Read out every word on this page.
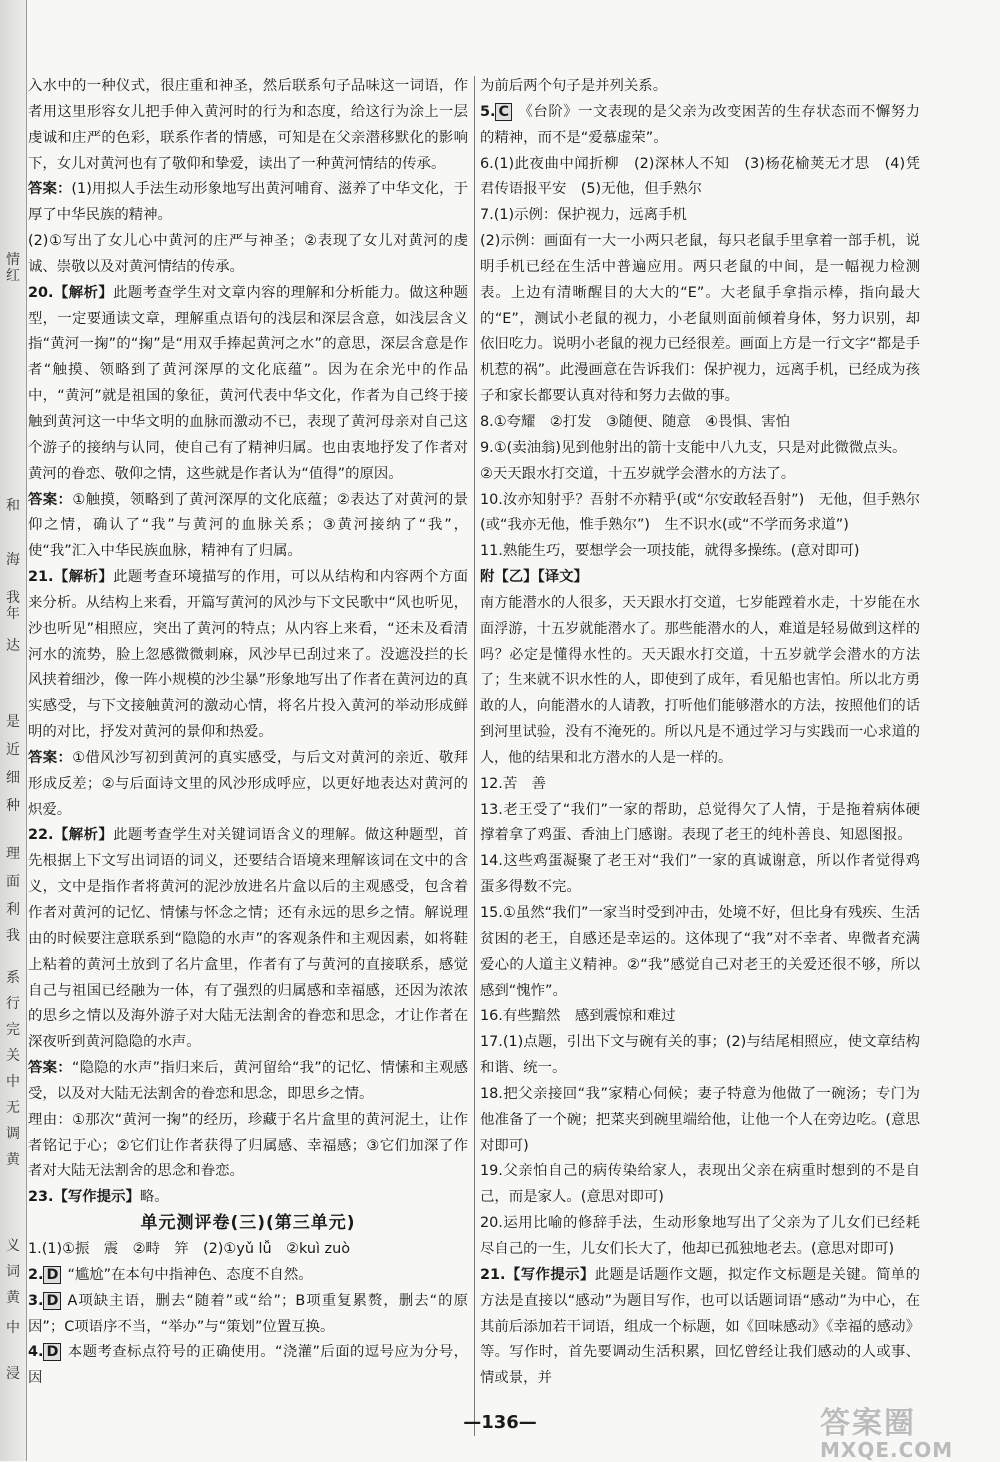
情
红
和
海
我
年
达
是
近
细
种
理
面
利
我
系
行
完
关
中
无
调
黄
义
词
黄
中
浸

入水中的一种仪式，很庄重和神圣，然后联系句子品味这一词语，作者用这里形容女儿把手伸入黄河时的行为和态度，给这行为涂上一层虔诚和庄严的色彩，联系作者的情感，可知是在父亲潜移默化的影响下，女儿对黄河也有了敬仰和挚爱，读出了一种黄河情结的传承。

答案：(1)用拟人手法生动形象地写出黄河哺育、滋养了中华文化，于厚了中华民族的精神。

(2)①写出了女儿心中黄河的庄严与神圣；②表现了女儿对黄河的虔诚、崇敬以及对黄河情结的传承。

20.【解析】此题考查学生对文章内容的理解和分析能力。做这种题型，一定要通读文章，理解重点语句的浅层和深层含意，如浅层含义指“黄河一掬”的“掬”是“用双手捧起黄河之水”的意思，深层含意是作者“触摸、领略到了黄河深厚的文化底蕴”。因为在余光中的作品中，“黄河”就是祖国的象征，黄河代表中华文化，作者为自己终于接触到黄河这一中华文明的血脉而激动不已，表现了黄河母亲对自己这个游子的接纳与认同，使自己有了精神归属。也由衷地抒发了作者对黄河的眷恋、敬仰之情，这些就是作者认为“值得”的原因。

答案：①触摸，领略到了黄河深厚的文化底蕴；②表达了对黄河的景仰之情，确认了“我”与黄河的血脉关系；③黄河接纳了“我”，使“我”汇入中华民族血脉，精神有了归属。

21.【解析】此题考查环境描写的作用，可以从结构和内容两个方面来分析。从结构上来看，开篇写黄河的风沙与下文民歌中“风也听见，沙也听见”相照应，突出了黄河的特点；从内容上来看，“还未及看清河水的流势，脸上忽感微微刺麻，风沙早已刮过来了。没遮没拦的长风挟着细沙，像一阵小规模的沙尘暴”形象地写出了作者在黄河边的真实感受，与下文接触黄河的激动心情，将名片投入黄河的举动形成鲜明的对比，抒发对黄河的景仰和热爱。

答案：①借风沙写初到黄河的真实感受，与后文对黄河的亲近、敬拜形成反差；②与后面诗文里的风沙形成呼应，以更好地表达对黄河的炽爱。

22.【解析】此题考查学生对关键词语含义的理解。做这种题型，首先根据上下文写出词语的词义，还要结合语境来理解该词在文中的含义，文中是指作者将黄河的泥沙放进名片盒以后的主观感受，包含着作者对黄河的记忆、情愫与怀念之情；还有永远的思乡之情。解说理由的时候要注意联系到“隐隐的水声”的客观条件和主观因素，如将鞋上粘着的黄河土放到了名片盒里，作者有了与黄河的直接联系，感觉自己与祖国已经融为一体，有了强烈的归属感和幸福感，还因为浓浓的思乡之情以及海外游子对大陆无法割舍的眷恋和思念，才让作者在深夜听到黄河隐隐的水声。

答案：“隐隐的水声”指归来后，黄河留给“我”的记忆、情愫和主观感受，以及对大陆无法割舍的眷恋和思念，即思乡之情。

理由：①那次“黄河一掬”的经历，珍藏于名片盒里的黄河泥土，让作者铭记于心；②它们让作者获得了归属感、幸福感；③它们加深了作者对大陆无法割舍的思念和眷恋。

23.【写作提示】略。

单元测评卷(三)(第三单元)

1.(1)①振　震　②畤　笄　(2)①yǔ lǚ　②kuì zuò

2. D “尴尬”在本句中指神色、态度不自然。

3. D A项缺主语，删去“随着”或“给”；B项重复累赘，删去“的原因”；C项语序不当，“举办”与“策划”位置互换。

4. D 本题考查标点符号的正确使用。“浇灌”后面的逗号应为分号，因

为前后两个句子是并列关系。

5. C 《台阶》一文表现的是父亲为改变困苦的生存状态而不懈努力的精神，而不是“爱慕虚荣”。

6.(1)此夜曲中闻折柳　(2)深林人不知　(3)杨花榆荚无才思　(4)凭君传语报平安　(5)无他，但手熟尔

7.(1)示例：保护视力，远离手机

(2)示例：画面有一大一小两只老鼠，每只老鼠手里拿着一部手机，说明手机已经在生活中普遍应用。两只老鼠的中间，是一幅视力检测表。上边有清晰醒目的大大的“E”。大老鼠手拿指示棒，指向最大的“E”，测试小老鼠的视力，小老鼠则面前倾着身体，努力识别，却依旧吃力。说明小老鼠的视力已经很差。画面上方是一行文字“都是手机惹的祸”。此漫画意在告诉我们：保护视力，远离手机，已经成为孩子和家长都要认真对待和努力去做的事。

8.①夸耀　②打发　③随便、随意　④畏惧、害怕

9.①(卖油翁)见到他射出的箭十支能中八九支，只是对此微微点头。

②天天跟水打交道，十五岁就学会潜水的方法了。

10.汝亦知射乎？吾射不亦精乎(或“尔安敢轻吾射”)　无他，但手熟尔(或“我亦无他，惟手熟尔”)　生不识水(或“不学而务求道”)

11.熟能生巧，要想学会一项技能，就得多操练。(意对即可)

附【乙】【译文】

南方能潜水的人很多，天天跟水打交道，七岁能蹚着水走，十岁能在水面浮游，十五岁就能潜水了。那些能潜水的人，难道是轻易做到这样的吗？必定是懂得水性的。天天跟水打交道，十五岁就学会潜水的方法了；生来就不识水性的人，即使到了成年，看见船也害怕。所以北方勇敢的人，向能潜水的人请教，打听他们能够潜水的方法，按照他们的话到河里试验，没有不淹死的。所以凡是不通过学习与实践而一心求道的人，他的结果和北方潜水的人是一样的。

12.苦　善

13.老王受了“我们”一家的帮助，总觉得欠了人情，于是拖着病体硬撑着拿了鸡蛋、香油上门感谢。表现了老王的纯朴善良、知恩图报。

14.这些鸡蛋凝聚了老王对“我们”一家的真诚谢意，所以作者觉得鸡蛋多得数不完。

15.①虽然“我们”一家当时受到冲击，处境不好，但比身有残疾、生活贫困的老王，自感还是幸运的。这体现了“我”对不幸者、卑微者充满爱心的人道主义精神。②“我”感觉自己对老王的关爱还很不够，所以感到“愧怍”。

16.有些黯然　感到震惊和难过

17.(1)点题，引出下文与碗有关的事；(2)与结尾相照应，使文章结构和谐、统一。

18.把父亲接回“我”家精心伺候；妻子特意为他做了一碗汤；专门为他准备了一个碗；把菜夹到碗里端给他，让他一个人在旁边吃。(意思对即可)

19.父亲怕自己的病传染给家人，表现出父亲在病重时想到的不是自己，而是家人。(意思对即可)

20.运用比喻的修辞手法，生动形象地写出了父亲为了儿女们已经耗尽自己的一生，儿女们长大了，他却已孤独地老去。(意思对即可)

21.【写作提示】此题是话题作文题，拟定作文标题是关键。简单的方法是直接以“感动”为题目写作，也可以话题词语“感动”为中心，在其前后添加若干词语，组成一个标题，如《回味感动》《幸福的感动》等。写作时，首先要调动生活积累，回忆曾经让我们感动的人或事、情或景，并

—136—	答案圈
MXQE.COM
